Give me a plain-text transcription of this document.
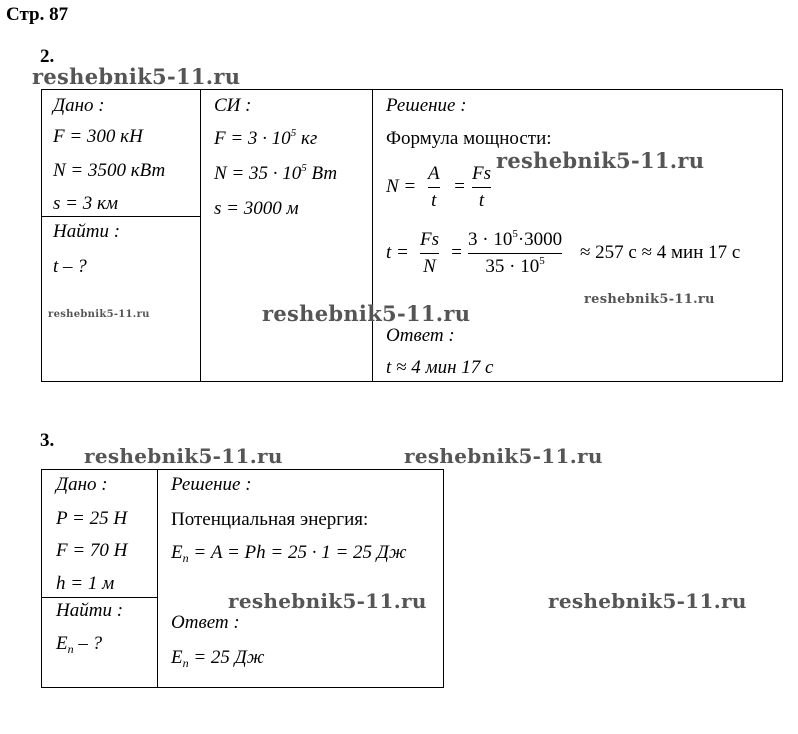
Стр. 87
2.
reshebnik5-11.ru
Дано :
F = 300 кН
N = 3500 кВт
s = 3 км
Найти :
t – ?
reshebnik5-11.ru
СИ :
$F = 3 \cdot 10^5$ кг
$N = 35 \cdot 10^5$ Вт
s = 3000 м
Решение :
Формула мощности:
reshebnik5-11.ru
N =
A
t
=
Fs
t
t =
Fs
N
=
$3 \cdot 10^5\cdot 3000$
$35 \cdot 10^5 \approx 257$ с ≈ 4 мин 17 с
reshebnik5-11.ru
reshebnik5-11.ru
Ответ :
t ≈ 4 мин 17 с
3.
reshebnik5-11.ru	reshebnik5-11.ru
Дано :
P = 25 Н
F = 70 Н
h = 1 м
Найти :
$E_п$ – ?
Решение :
Потенциальная энергия:
$E_п = A = Ph = 25 \cdot 1 = 25$ Дж
reshebnik5-11.ru	reshebnik5-11.ru
Ответ :
$E_п = 25$ Дж
